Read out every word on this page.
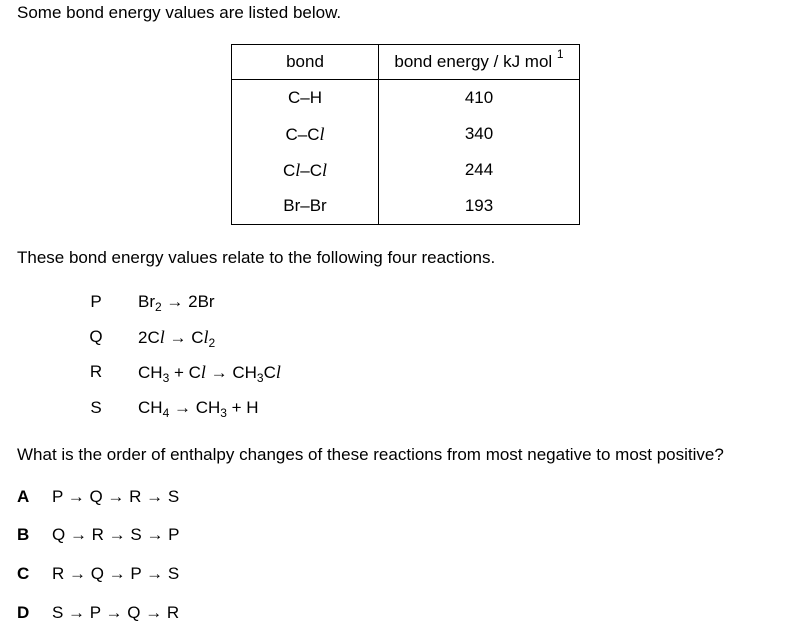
Some bond energy values are listed below.
bond	bond energy / kJ mol $^1$
C–H	410
C–Cl	340
Cl–Cl	244
Br–Br	193
These bond energy values relate to the following four reactions.
P $Br_2 \to 2Br$
Q $2Cl \to Cl_2$
R $CH_3 + Cl \to CH_3Cl$
S $CH_4 \to CH_3 + H$
What is the order of enthalpy changes of these reactions from most negative to most positive?
A P → Q → R → S
B Q → R → S → P
C R → Q → P → S
D S → P → Q → R
